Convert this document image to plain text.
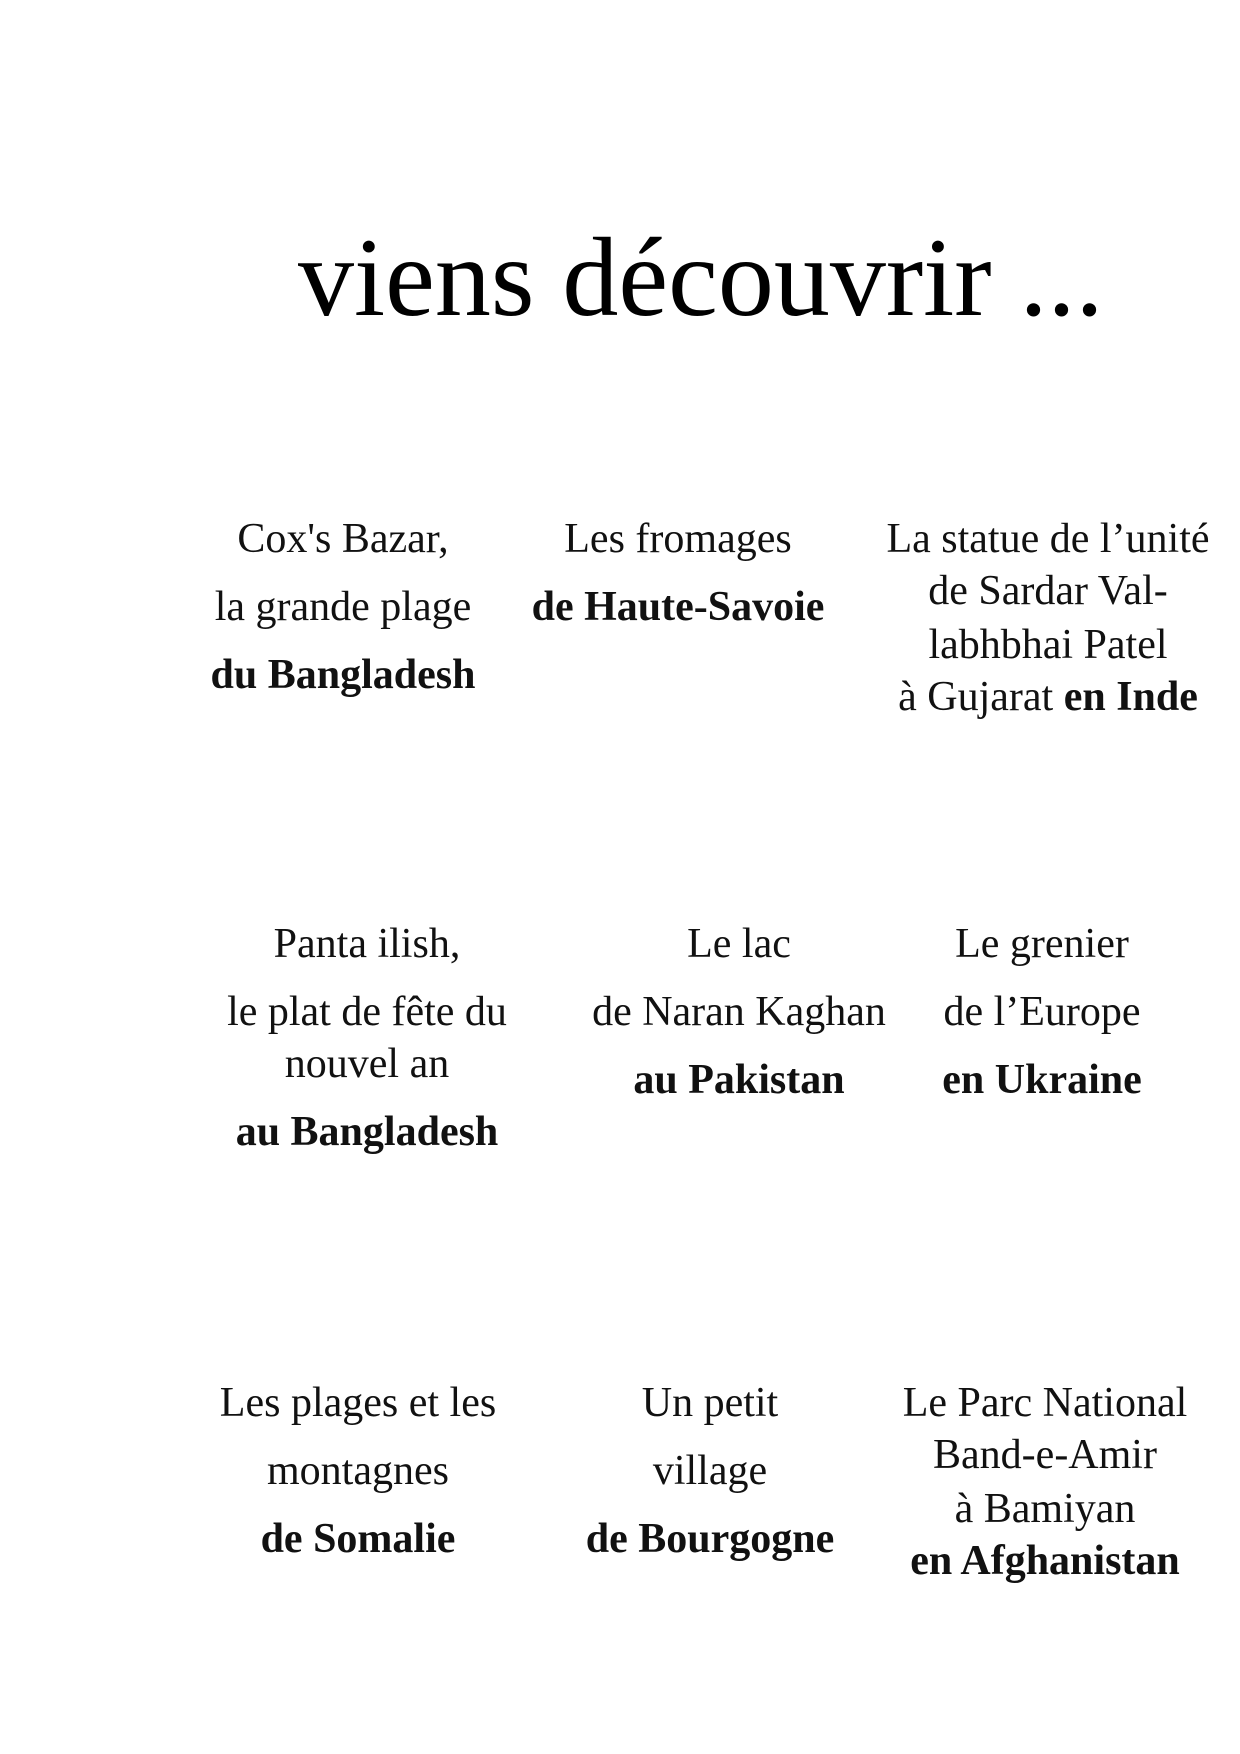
viens découvrir ...
Cox's Bazar,
la grande plage
du Bangladesh
Les fromages
de Haute-Savoie
La statue de l’unité
de Sardar Val-
labhbhai Patel
à Gujarat en Inde
Panta ilish,
le plat de fête du
nouvel an
au Bangladesh
Le lac
de Naran Kaghan
au Pakistan
Le grenier
de l’Europe
en Ukraine
Les plages et les
montagnes
de Somalie
Un petit
village
de Bourgogne
Le Parc National
Band-e-Amir
à Bamiyan
en Afghanistan
